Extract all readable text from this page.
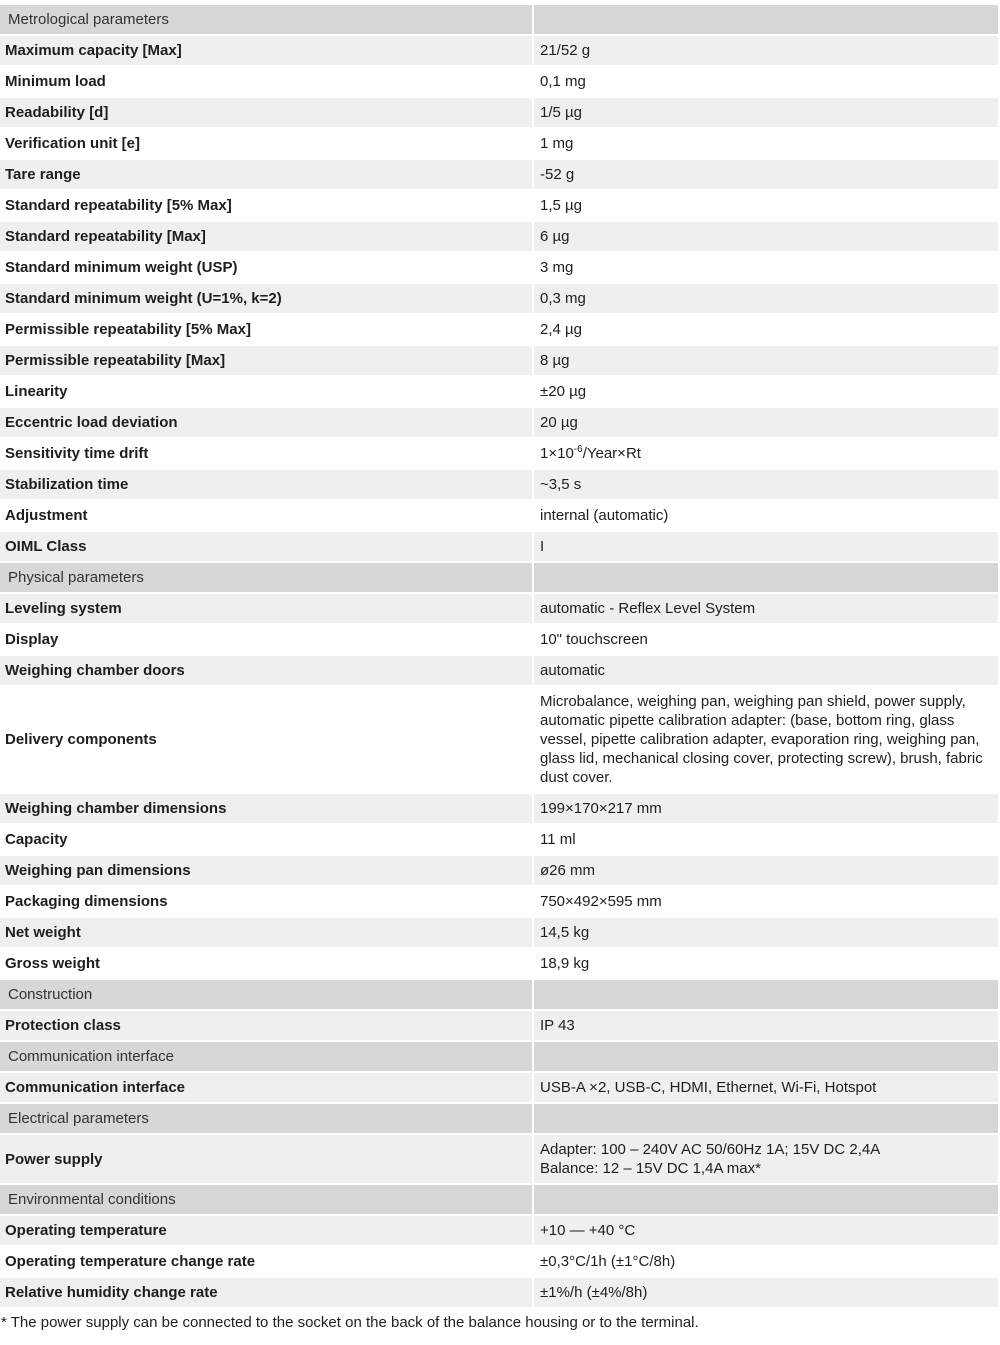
Metrological parameters	
Maximum capacity [Max]	21/52 g
Minimum load	0,1 mg
Readability [d]	1/5 µg
Verification unit [e]	1 mg
Tare range	-52 g
Standard repeatability [5% Max]	1,5 µg
Standard repeatability [Max]	6 µg
Standard minimum weight (USP)	3 mg
Standard minimum weight (U=1%, k=2)	0,3 mg
Permissible repeatability [5% Max]	2,4 µg
Permissible repeatability [Max]	8 µg
Linearity	±20 µg
Eccentric load deviation	20 µg
Sensitivity time drift	$1\times 10^{-6}/Year\times Rt$
Stabilization time	~3,5 s
Adjustment	internal (automatic)
OIML Class	I
Physical parameters	
Leveling system	automatic - Reflex Level System
Display	10" touchscreen
Weighing chamber doors	automatic
Delivery components	Microbalance, weighing pan, weighing pan shield, power supply, automatic pipette calibration adapter: (base, bottom ring, glass vessel, pipette calibration adapter, evaporation ring, weighing pan, glass lid, mechanical closing cover, protecting screw), brush, fabric dust cover.
Weighing chamber dimensions	199×170×217 mm
Capacity	11 ml
Weighing pan dimensions	ø26 mm
Packaging dimensions	750×492×595 mm
Net weight	14,5 kg
Gross weight	18,9 kg
Construction	
Protection class	IP 43
Communication interface	
Communication interface	USB-A ×2, USB-C, HDMI, Ethernet, Wi-Fi, Hotspot
Electrical parameters	
Power supply	Adapter: 100 – 240V AC 50/60Hz 1A; 15V DC 2,4A
Balance: 12 – 15V DC 1,4A max*

Environmental conditions	
Operating temperature	+10 — +40 °C
Operating temperature change rate	±0,3°C/1h (±1°C/8h)
Relative humidity change rate	±1%/h (±4%/8h)
* The power supply can be connected to the socket on the back of the balance housing or to the terminal.
